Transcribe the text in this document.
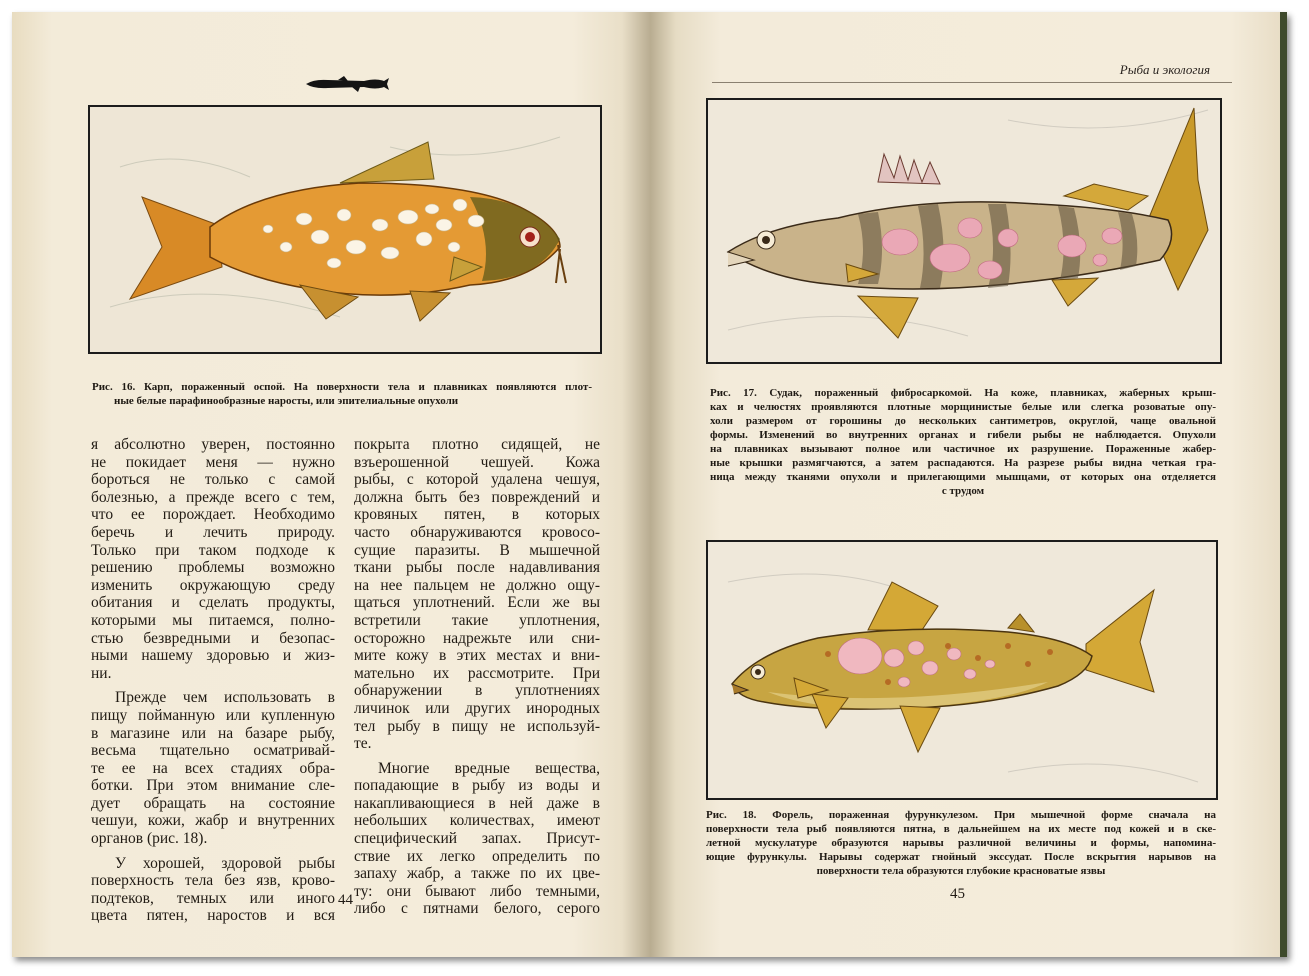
Рис. 16. Карп, пораженный оспой. На поверхности тела и плавниках появляются плот-
ные белые парафинообразные наросты, или эпителиальные опухоли
я абсолютно уверен, постоянно
не покидает меня — нужно
бороться не только с самой
болезнью, а прежде всего с тем,
что ее порождает. Необходимо
беречь и лечить природу.
Только при таком подходе к
решению проблемы возможно
изменить окружающую среду
обитания и сделать продукты,
которыми мы питаемся, полно-
стью безвредными и безопас-
ными нашему здоровью и жиз-
ни.
Прежде чем использовать в
пищу пойманную или купленную
в магазине или на базаре рыбу,
весьма тщательно осматривай-
те ее на всех стадиях обра-
ботки. При этом внимание сле-
дует обращать на состояние
чешуи, кожи, жабр и внутренних
органов (рис. 18).
У хорошей, здоровой рыбы
поверхность тела без язв, крово-
подтеков, темных или иного
цвета пятен, наростов и вся
покрыта плотно сидящей, не
взъерошенной чешуей. Кожа
рыбы, с которой удалена чешуя,
должна быть без повреждений и
кровяных пятен, в которых
часто обнаруживаются кровосо-
сущие паразиты. В мышечной
ткани рыбы после надавливания
на нее пальцем не должно ощу-
щаться уплотнений. Если же вы
встретили такие уплотнения,
осторожно надрежьте или сни-
мите кожу в этих местах и вни-
мательно их рассмотрите. При
обнаружении в уплотнениях
личинок или других инородных
тел рыбу в пищу не используй-
те.
Многие вредные вещества,
попадающие в рыбу из воды и
накапливающиеся в ней даже в
небольших количествах, имеют
специфический запах. Присут-
ствие их легко определить по
запаху жабр, а также по их цве-
ту: они бывают либо темными,
либо с пятнами белого, серого
44
Рыба и экология
Рис. 17. Судак, пораженный фибросаркомой. На коже, плавниках, жаберных крыш-
ках и челюстях проявляются плотные морщинистые белые или слегка розоватые опу-
холи размером от горошины до нескольких сантиметров, округлой, чаще овальной
формы. Изменений во внутренних органах и гибели рыбы не наблюдается. Опухоли
на плавниках вызывают полное или частичное их разрушение. Пораженные жабер-
ные крышки размягчаются, а затем распадаются. На разрезе рыбы видна четкая гра-
ница между тканями опухоли и прилегающими мышцами, от которых она отделяется
с трудом
Рис. 18. Форель, пораженная фурункулезом. При мышечной форме сначала на
поверхности тела рыб появляются пятна, в дальнейшем на их месте под кожей и в ске-
летной мускулатуре образуются нарывы различной величины и формы, напомина-
ющие фурункулы. Нарывы содержат гнойный экссудат. После вскрытия нарывов на
поверхности тела образуются глубокие красноватые язвы
45
